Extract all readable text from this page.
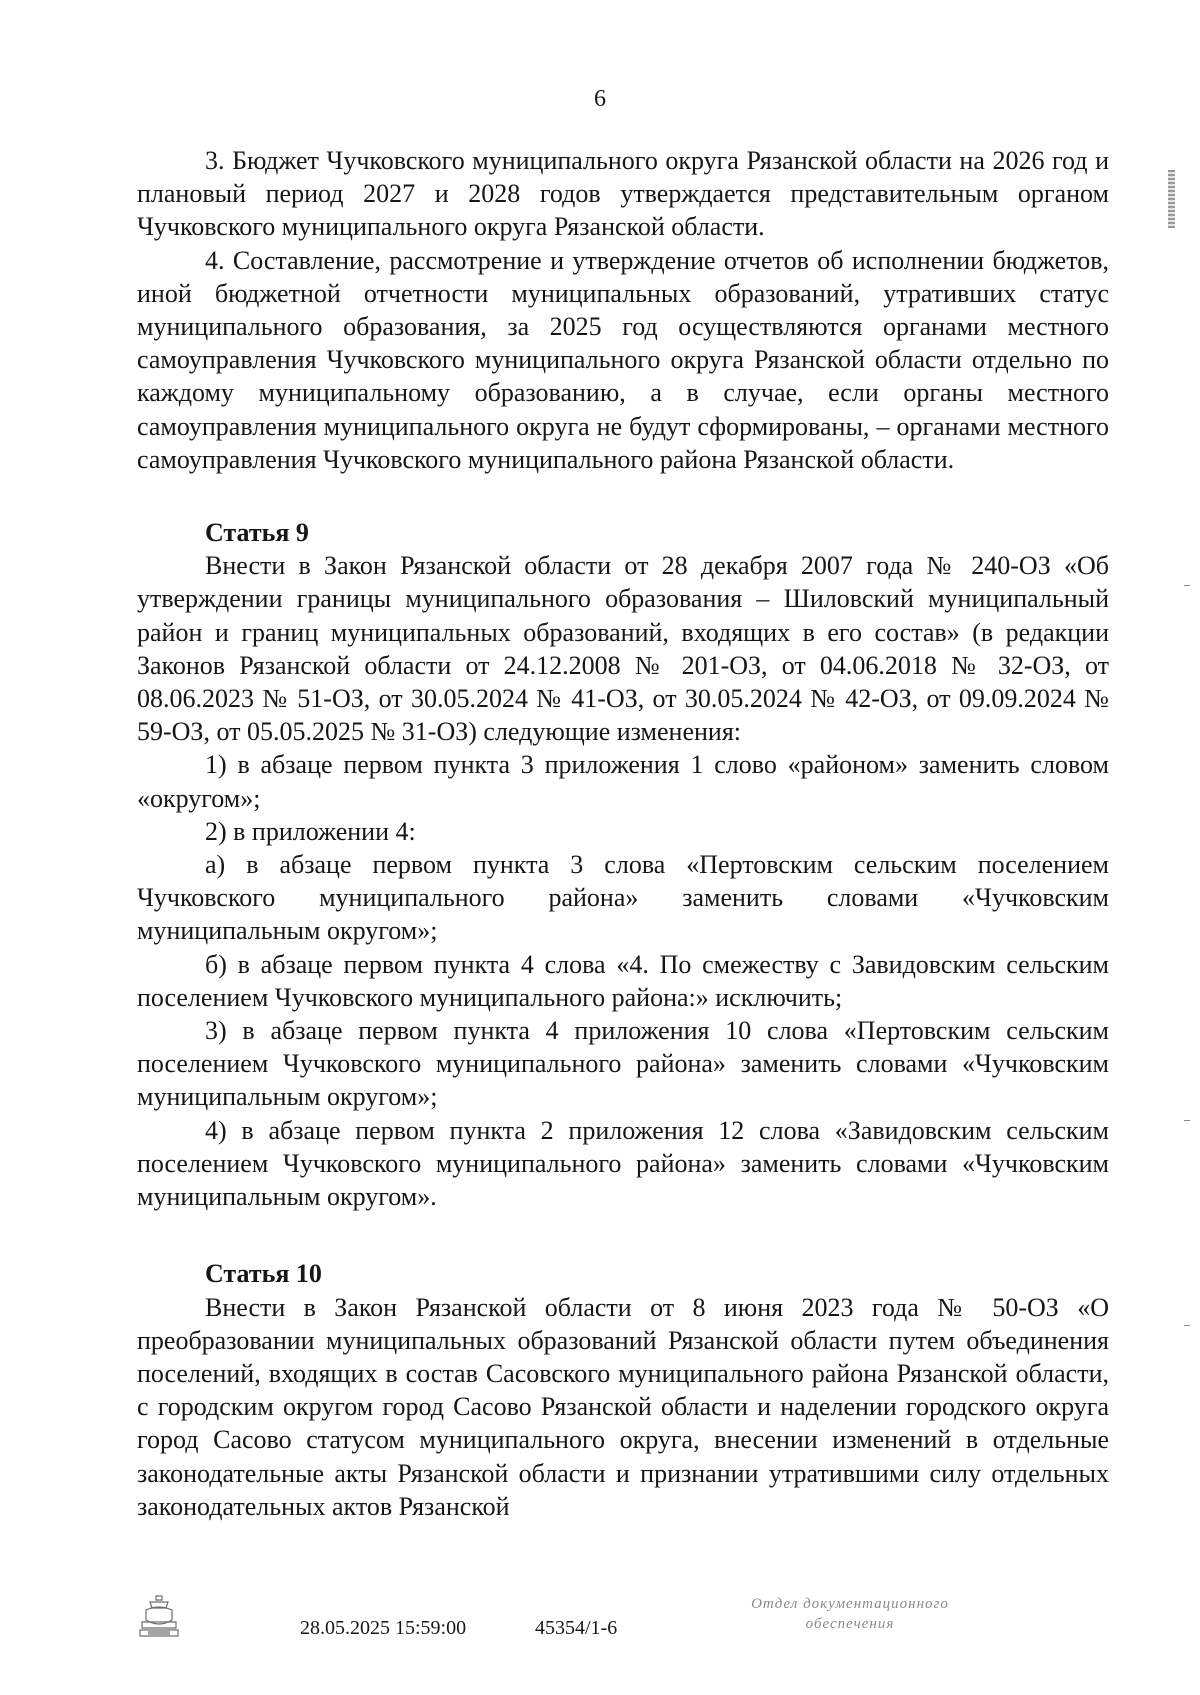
6

3. Бюджет Чучковского муниципального округа Рязанской области на 2026 год и плановый период 2027 и 2028 годов утверждается представительным органом Чучковского муниципального округа Рязанской области.

4. Составление, рассмотрение и утверждение отчетов об исполнении бюджетов, иной бюджетной отчетности муниципальных образований, утративших статус муниципального образования, за 2025 год осуществляются органами местного самоуправления Чучковского муниципального округа Рязанской области отдельно по каждому муниципальному образованию, а в случае, если органы местного самоуправления муниципального округа не будут сформированы, – органами местного самоуправления Чучковского муниципального района Рязанской области.

Статья 9

Внести в Закон Рязанской области от 28 декабря 2007 года № 240-ОЗ «Об утверждении границы муниципального образования – Шиловский муниципальный район и границ муниципальных образований, входящих в его состав» (в редакции Законов Рязанской области от 24.12.2008 № 201-ОЗ, от 04.06.2018 № 32-ОЗ, от 08.06.2023 № 51-ОЗ, от 30.05.2024 № 41-ОЗ, от 30.05.2024 № 42-ОЗ, от 09.09.2024 № 59-ОЗ, от 05.05.2025 № 31-ОЗ) следующие изменения:

1) в абзаце первом пункта 3 приложения 1 слово «районом» заменить словом «округом»;

2) в приложении 4:

а) в абзаце первом пункта 3 слова «Пертовским сельским поселением Чучковского муниципального района» заменить словами «Чучковским муниципальным округом»;

б) в абзаце первом пункта 4 слова «4. По смежеству с Завидовским сельским поселением Чучковского муниципального района:» исключить;

3) в абзаце первом пункта 4 приложения 10 слова «Пертовским сельским поселением Чучковского муниципального района» заменить словами «Чучковским муниципальным округом»;

4) в абзаце первом пункта 2 приложения 12 слова «Завидовским сельским поселением Чучковского муниципального района» заменить словами «Чучковским муниципальным округом».

Статья 10

Внести в Закон Рязанской области от 8 июня 2023 года № 50-ОЗ «О преобразовании муниципальных образований Рязанской области путем объединения поселений, входящих в состав Сасовского муниципального района Рязанской области, с городским округом город Сасово Рязанской области и наделении городского округа город Сасово статусом муниципального округа, внесении изменений в отдельные законодательные акты Рязанской области и признании утратившими силу отдельных законодательных актов Рязанской

28.05.2025 15:59:00	45354/1-6
Отдел документационного
обеспечения
